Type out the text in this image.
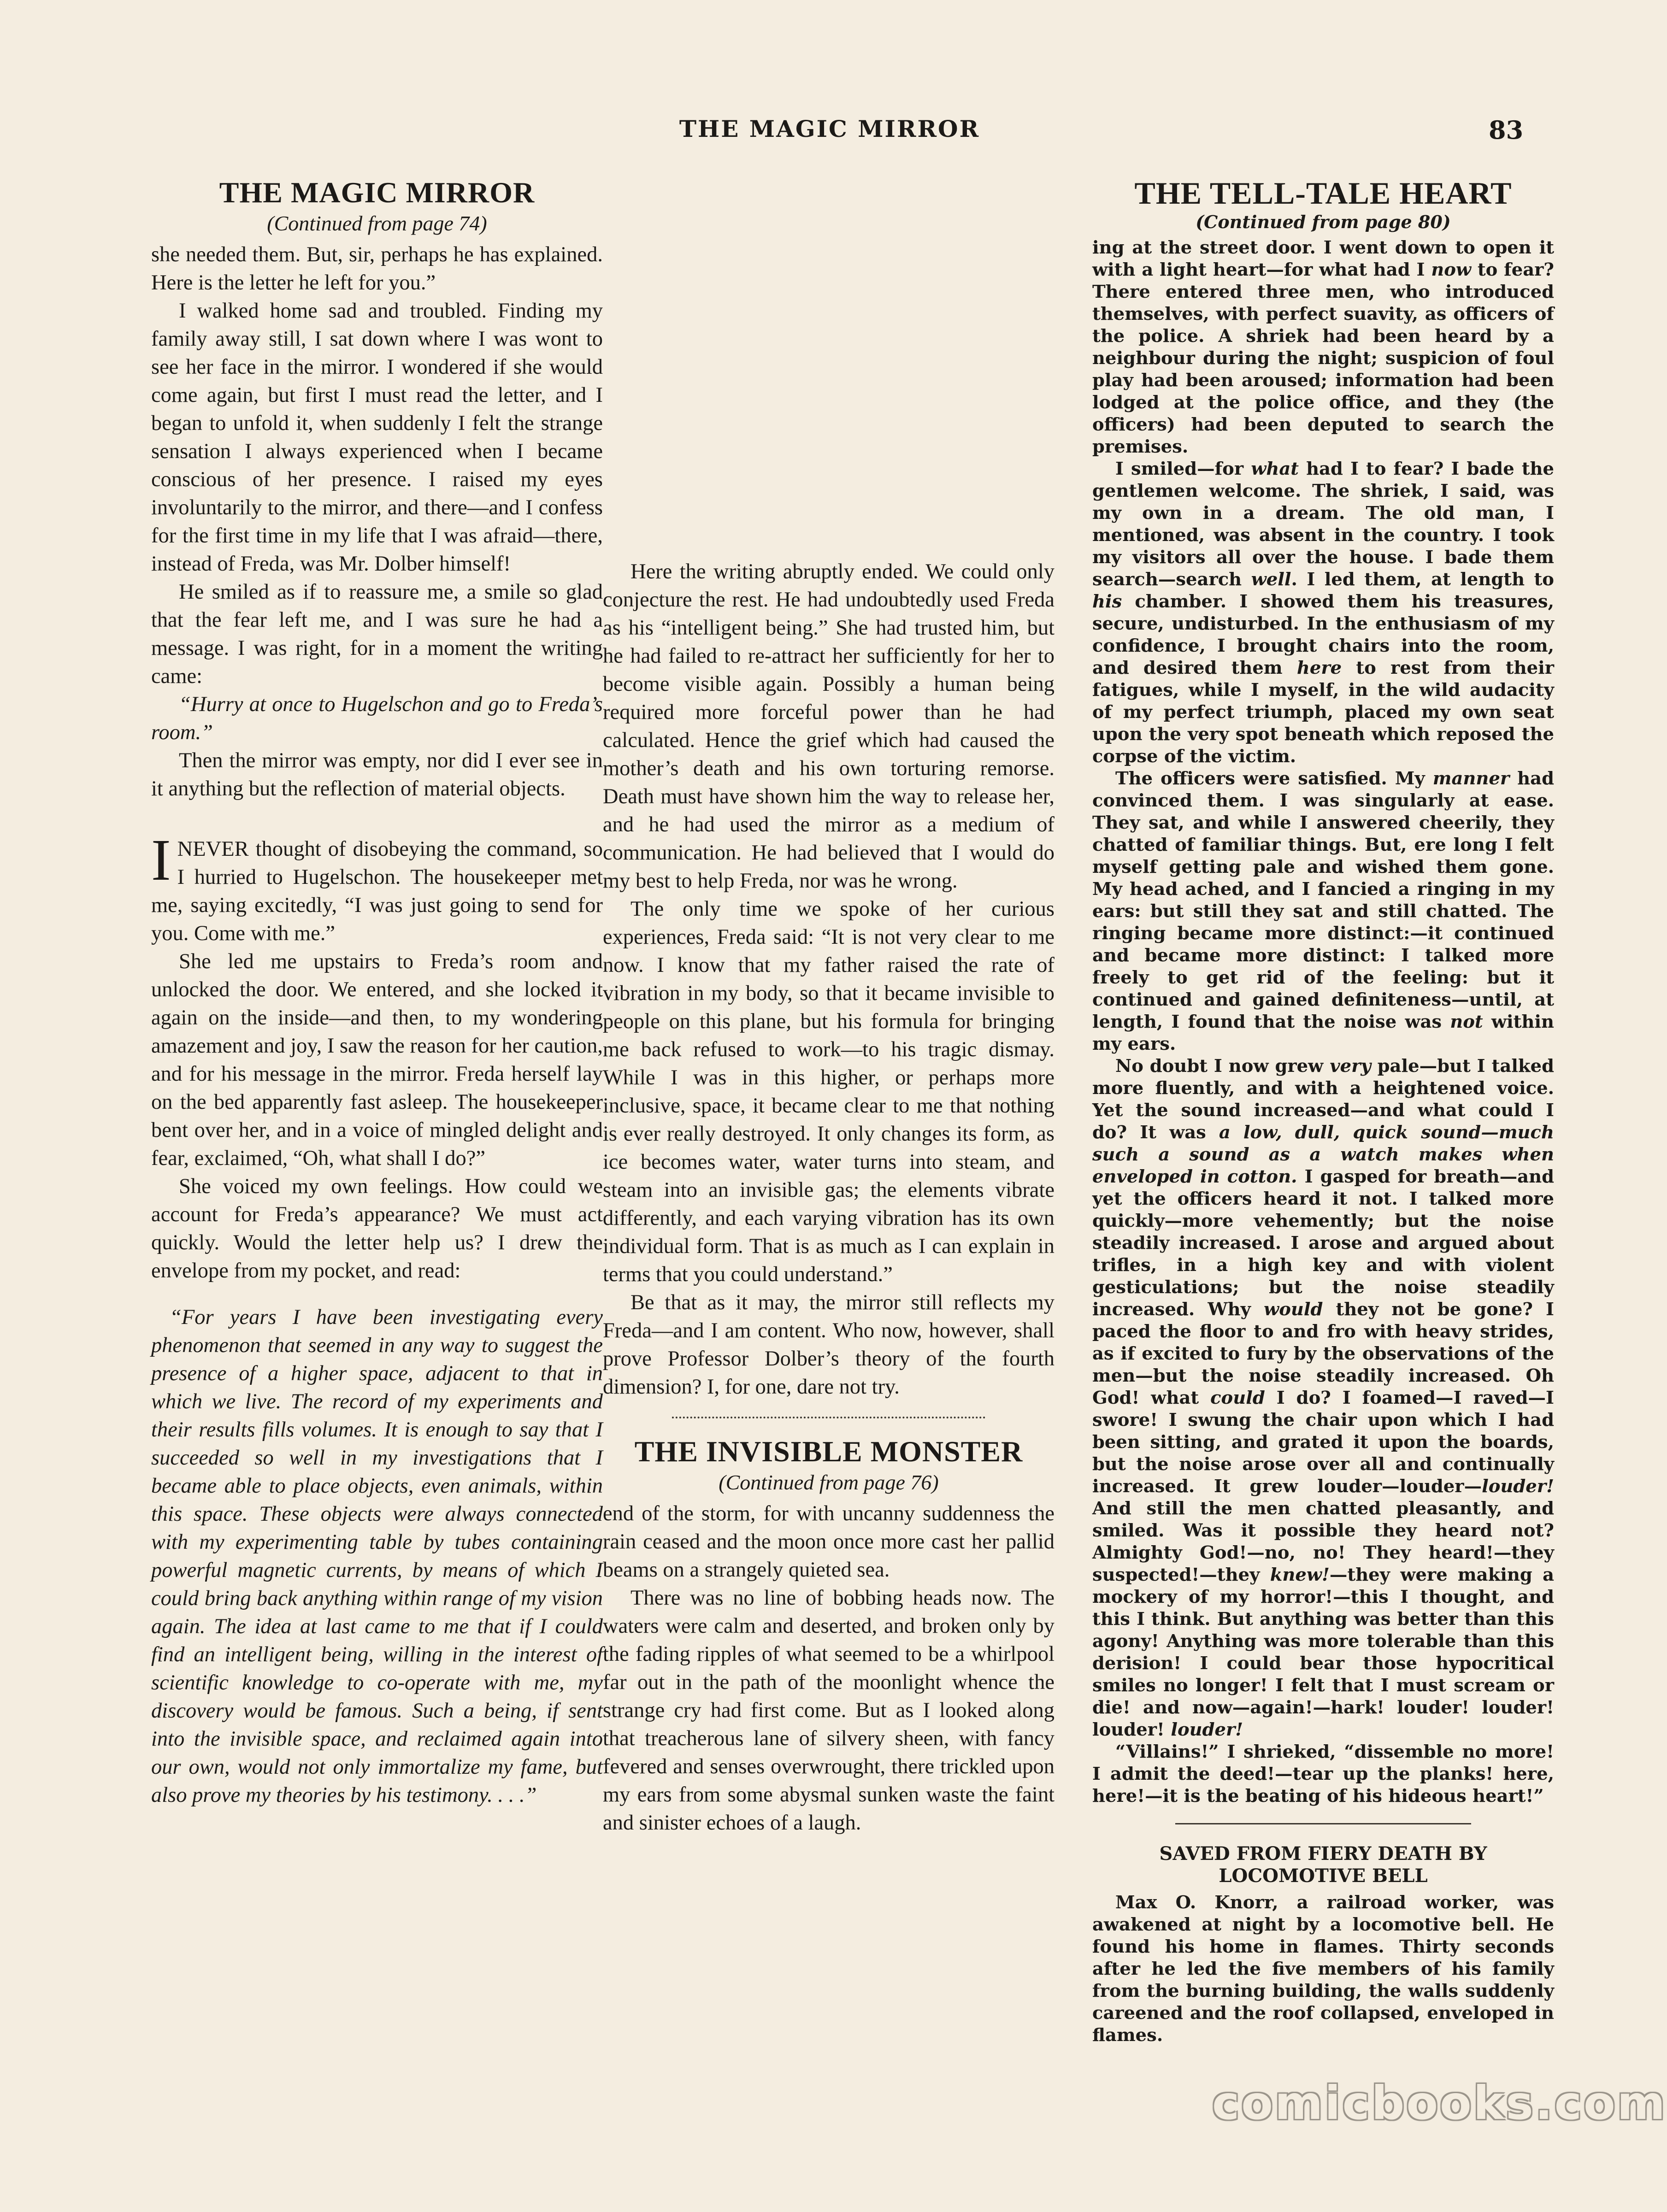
THE MAGIC MIRROR	83
THE MAGIC MIRROR
(Continued from page 74)

she needed them. But, sir, perhaps he has explained. Here is the letter he left for you.”

I walked home sad and troubled. Finding my family away still, I sat down where I was wont to see her face in the mirror. I wondered if she would come again, but first I must read the letter, and I began to unfold it, when suddenly I felt the strange sensation I always experienced when I became conscious of her presence. I raised my eyes involuntarily to the mirror, and there—and I confess for the first time in my life that I was afraid—there, instead of Freda, was Mr. Dolber himself!

He smiled as if to reassure me, a smile so glad that the fear left me, and I was sure he had a message. I was right, for in a moment the writing came:

“Hurry at once to Hugelschon and go to Freda’s room.”

Then the mirror was empty, nor did I ever see in it anything but the reflection of material objects.

I NEVER thought of disobeying the command, so I hurried to Hugelschon. The housekeeper met me, saying excitedly, “I was just going to send for you. Come with me.”

She led me upstairs to Freda’s room and unlocked the door. We entered, and she locked it again on the inside—and then, to my wondering amazement and joy, I saw the reason for her caution, and for his message in the mirror. Freda herself lay on the bed apparently fast asleep. The housekeeper bent over her, and in a voice of mingled delight and fear, exclaimed, “Oh, what shall I do?”

She voiced my own feelings. How could we account for Freda’s appearance? We must act quickly. Would the letter help us? I drew the envelope from my pocket, and read:

“For years I have been investigating every phenomenon that seemed in any way to suggest the presence of a higher space, adjacent to that in which we live. The record of my experiments and their results fills volumes. It is enough to say that I succeeded so well in my investigations that I became able to place objects, even animals, within this space. These objects were always connected with my experimenting table by tubes containing powerful magnetic currents, by means of which I could bring back anything within range of my vision again. The idea at last came to me that if I could find an intelligent being, willing in the interest of scientific knowledge to co-operate with me, my discovery would be famous. Such a being, if sent into the invisible space, and reclaimed again into our own, would not only immortalize my fame, but also prove my theories by his testimony. . . .”

Here the writing abruptly ended. We could only conjecture the rest. He had undoubtedly used Freda as his “intelligent being.” She had trusted him, but he had failed to re-attract her sufficiently for her to become visible again. Possibly a human being required more forceful power than he had calculated. Hence the grief which had caused the mother’s death and his own torturing remorse. Death must have shown him the way to release her, and he had used the mirror as a medium of communication. He had believed that I would do my best to help Freda, nor was he wrong.

The only time we spoke of her curious experiences, Freda said: “It is not very clear to me now. I know that my father raised the rate of vibration in my body, so that it became invisible to people on this plane, but his formula for bringing me back refused to work—to his tragic dismay. While I was in this higher, or perhaps more inclusive, space, it became clear to me that nothing is ever really destroyed. It only changes its form, as ice becomes water, water turns into steam, and steam into an invisible gas; the elements vibrate differently, and each varying vibration has its own individual form. That is as much as I can explain in terms that you could understand.”

Be that as it may, the mirror still reflects my Freda—and I am content. Who now, however, shall prove Professor Dolber’s theory of the fourth dimension? I, for one, dare not try.

THE INVISIBLE MONSTER
(Continued from page 76)

end of the storm, for with uncanny suddenness the rain ceased and the moon once more cast her pallid beams on a strangely quieted sea.

There was no line of bobbing heads now. The waters were calm and deserted, and broken only by the fading ripples of what seemed to be a whirlpool far out in the path of the moonlight whence the strange cry had first come. But as I looked along that treacherous lane of silvery sheen, with fancy fevered and senses overwrought, there trickled upon my ears from some abysmal sunken waste the faint and sinister echoes of a laugh.

THE TELL-TALE HEART
(Continued from page 80)

ing at the street door. I went down to open it with a light heart—for what had I now to fear? There entered three men, who introduced themselves, with perfect suavity, as officers of the police. A shriek had been heard by a neighbour during the night; suspicion of foul play had been aroused; information had been lodged at the police office, and they (the officers) had been deputed to search the premises.

I smiled—for what had I to fear? I bade the gentlemen welcome. The shriek, I said, was my own in a dream. The old man, I mentioned, was absent in the country. I took my visitors all over the house. I bade them search—search well. I led them, at length to his chamber. I showed them his treasures, secure, undisturbed. In the enthusiasm of my confidence, I brought chairs into the room, and desired them here to rest from their fatigues, while I myself, in the wild audacity of my perfect triumph, placed my own seat upon the very spot beneath which reposed the corpse of the victim.

The officers were satisfied. My manner had convinced them. I was singularly at ease. They sat, and while I answered cheerily, they chatted of familiar things. But, ere long I felt myself getting pale and wished them gone. My head ached, and I fancied a ringing in my ears: but still they sat and still chatted. The ringing became more distinct:—it continued and became more distinct: I talked more freely to get rid of the feeling: but it continued and gained definiteness—until, at length, I found that the noise was not within my ears.

No doubt I now grew very pale—but I talked more fluently, and with a heightened voice. Yet the sound increased—and what could I do? It was a low, dull, quick sound—much such a sound as a watch makes when enveloped in cotton. I gasped for breath—and yet the officers heard it not. I talked more quickly—more vehemently; but the noise steadily increased. I arose and argued about trifles, in a high key and with violent gesticulations; but the noise steadily increased. Why would they not be gone? I paced the floor to and fro with heavy strides, as if excited to fury by the observations of the men—but the noise steadily increased. Oh God! what could I do? I foamed—I raved—I swore! I swung the chair upon which I had been sitting, and grated it upon the boards, but the noise arose over all and continually increased. It grew louder—louder—louder! And still the men chatted pleasantly, and smiled. Was it possible they heard not? Almighty God!—no, no! They heard!—they suspected!—they knew!—they were making a mockery of my horror!—this I thought, and this I think. But anything was better than this agony! Anything was more tolerable than this derision! I could bear those hypocritical smiles no longer! I felt that I must scream or die! and now—again!—hark! louder! louder! louder! louder!

“Villains!” I shrieked, “dissemble no more! I admit the deed!—tear up the planks! here, here!—it is the beating of his hideous heart!”

SAVED FROM FIERY DEATH BY LOCOMOTIVE BELL

Max O. Knorr, a railroad worker, was awakened at night by a locomotive bell. He found his home in flames. Thirty seconds after he led the five members of his family from the burning building, the walls suddenly careened and the roof collapsed, enveloped in flames.

comicbooks.com
